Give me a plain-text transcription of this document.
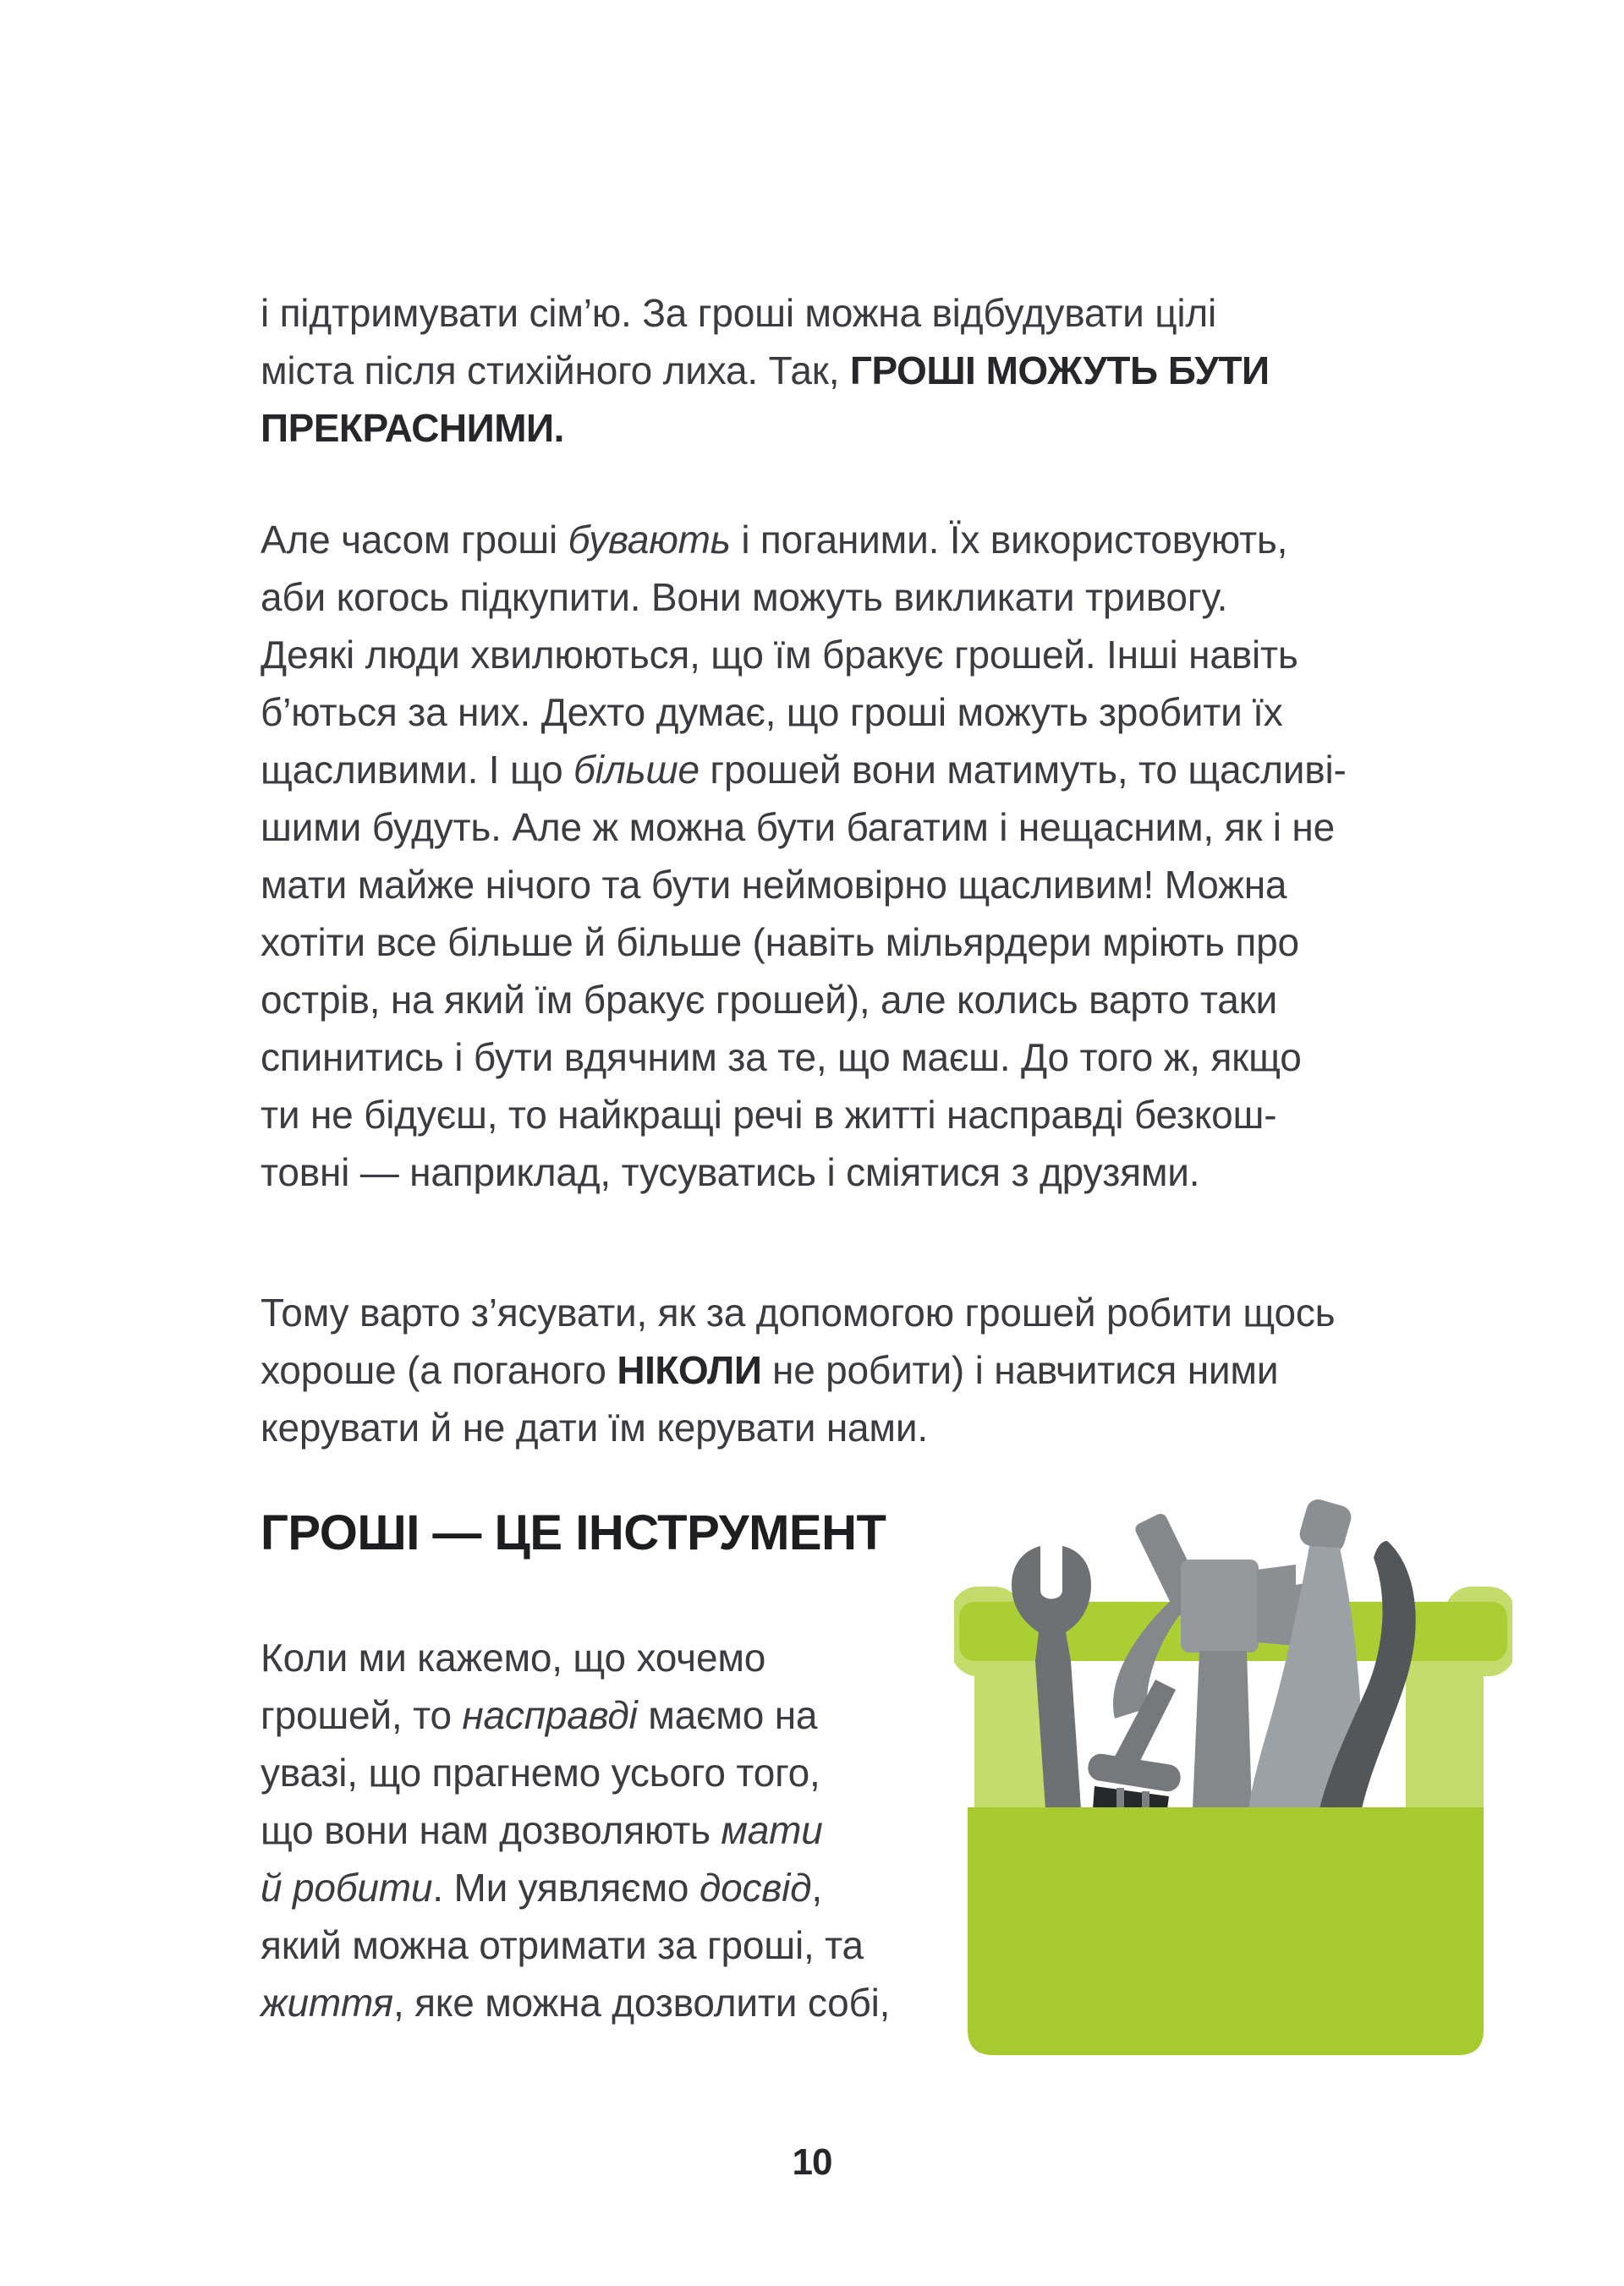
і підтримувати сім’ю. За гроші можна відбудувати цілі
міста після стихійного лиха. Так, ГРОШІ МОЖУТЬ БУТИ
ПРЕКРАСНИМИ.
Але часом гроші бувають і поганими. Їх використовують,
аби когось підкупити. Вони можуть викликати тривогу.
Деякі люди хвилюються, що їм бракує грошей. Інші навіть
б’ються за них. Дехто думає, що гроші можуть зробити їх
щасливими. І що більше грошей вони матимуть, то щасливі-
шими будуть. Але ж можна бути багатим і нещасним, як і не
мати майже нічого та бути неймовірно щасливим! Можна
хотіти все більше й більше (навіть мільярдери мріють про
острів, на який їм бракує грошей), але колись варто таки
спинитись і бути вдячним за те, що маєш. До того ж, якщо
ти не бідуєш, то найкращі речі в житті насправді безкош-
товні — наприклад, тусуватись і сміятися з друзями.
Тому варто з’ясувати, як за допомогою грошей робити щось
хороше (а поганого НІКОЛИ не робити) і навчитися ними
керувати й не дати їм керувати нами.
ГРОШІ — ЦЕ ІНСТРУМЕНТ
Коли ми кажемо, що хочемо
грошей, то насправді маємо на
увазі, що прагнемо усього того,
що вони нам дозволяють мати
й робити. Ми уявляємо досвід,
який можна отримати за гроші, та
життя, яке можна дозволити собі,
10
